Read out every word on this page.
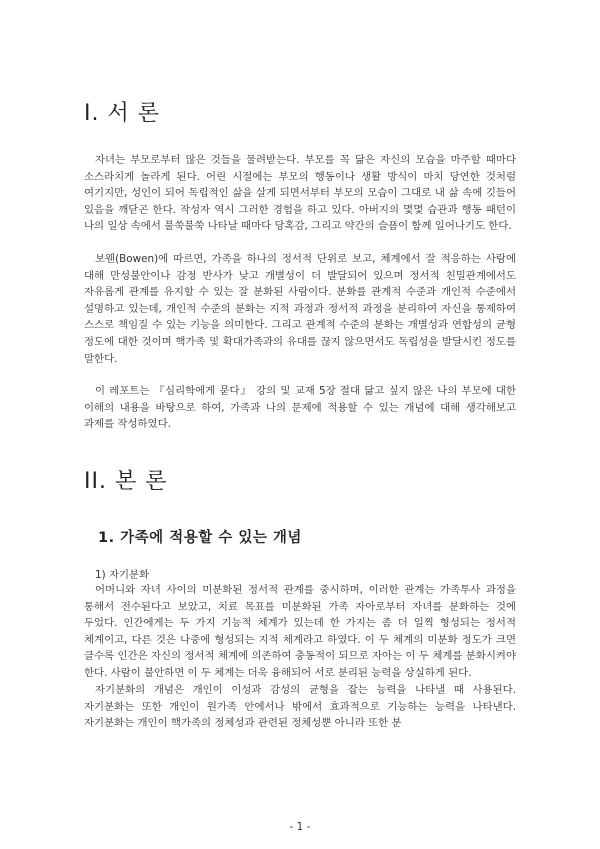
I. 서 론

자녀는 부모로부터 많은 것들을 물려받는다. 부모를 꼭 닮은 자신의 모습을 마주할 때마다 소스라치게 놀라게 된다. 어린 시절에는 부모의 행동이나 생활 방식이 마치 당연한 것처럼 여기지만, 성인이 되어 독립적인 삶을 살게 되면서부터 부모의 모습이 그대로 내 삶 속에 깃들어 있음을 깨닫곤 한다. 작성자 역시 그러한 경험을 하고 있다. 아버지의 몇몇 습관과 행동 패턴이 나의 일상 속에서 불쑥불쑥 나타날 때마다 당혹감, 그리고 약간의 슬픔이 함께 일어나기도 한다.

보웬(Bowen)에 따르면, 가족을 하나의 정서적 단위로 보고, 체계에서 잘 적응하는 사람에 대해 만성불안이나 감정 반사가 낮고 개별성이 더 발달되어 있으며 정서적 친밀관계에서도 자유롭게 관계를 유지할 수 있는 잘 분화된 사람이다. 분화를 관계적 수준과 개인적 수준에서 설명하고 있는데, 개인적 수준의 분화는 지적 과정과 정서적 과정을 분리하여 자신을 통제하여 스스로 책임질 수 있는 기능을 의미한다. 그리고 관계적 수준의 분화는 개별성과 연합성의 균형 정도에 대한 것이며 핵가족 및 확대가족과의 유대를 끊지 않으면서도 독립성을 발달시킨 정도를 말한다.

이 레포트는 『심리학에게 묻다』 강의 및 교재 5장 절대 닮고 싶지 않은 나의 부모에 대한 이해의 내용을 바탕으로 하여, 가족과 나의 문제에 적용할 수 있는 개념에 대해 생각해보고 과제를 작성하였다.

II. 본 론
1. 가족에 적용할 수 있는 개념

1) 자기분화

어머니와 자녀 사이의 미분화된 정서적 관계를 중시하며, 이러한 관계는 가족투사 과정을 통해서 전수된다고 보았고, 치료 목표를 미분화된 가족 자아로부터 자녀를 분화하는 것에 두었다. 인간에게는 두 가지 기능적 체계가 있는데 한 가지는 좀 더 일찍 형성되는 정서적 체계이고, 다른 것은 나중에 형성되는 지적 체계라고 하였다. 이 두 체계의 미분화 정도가 크면 클수록 인간은 자신의 정서적 체계에 의존하여 충동적이 되므로 자아는 이 두 체계를 분화시켜야 한다. 사람이 불안하면 이 두 체계는 더욱 융해되어 서로 분리된 능력을 상실하게 된다.

자기분화의 개념은 개인이 이성과 감성의 균형을 잡는 능력을 나타낼 때 사용된다. 자기분화는 또한 개인이 원가족 안에서나 밖에서 효과적으로 기능하는 능력을 나타낸다. 자기분화는 개인이 핵가족의 정체성과 관련된 정체성뿐 아니라 또한 분

- 1 -
